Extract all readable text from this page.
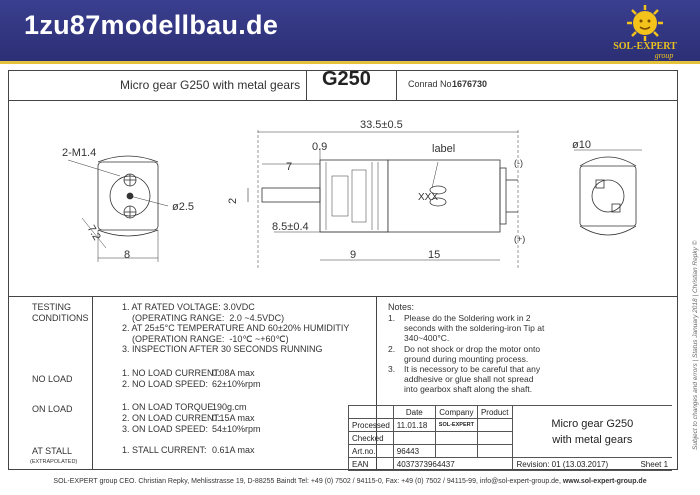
1zu87modellbau.de
SOL-EXPERT
group
Micro gear G250 with metal gears G250	Conrad No.
1676730
33.5±0.5
0.9
7
label
2
8.5±0.4
9	15
(-)
(+)
XXX
2-M1.4
ø2.5
8
7.2
ø10
TESTING
CONDITIONS
1. AT RATED VOLTAGE: 3.0VDC
(OPERATING RANGE:  2.0 ~4.5VDC)
2. AT 25±5°C TEMPERATURE AND 60±20% HUMIDITIY
(OPERATION RANGE:  -10℃ ~+60℃)
3. INSPECTION AFTER 30 SECONDS RUNNING
NO LOAD
1. NO LOAD CURRENT:0.08A max
2. NO LOAD SPEED: 62±10%rpm
ON LOAD	1. ON LOAD TORQUE:190g.cm
2. ON LOAD CURRENT:0.15A max
3. ON LOAD SPEED: 54±10%rpm
AT STALL
(EXTRAPOLATED)
1. STALL CURRENT: 0.61A max
Notes:
1.	Please do the Soldering work in 2
seconds with the soldering-iron Tip at
340~400°C.
2.	Do not shock or drop the motor onto
ground during mounting process.
3.	It is necessory to be careful that any
addhesive or glue shall not spread
into gearbox shaft along the shaft.
	Date	Company	Product	Micro gear G250
with metal gears

Processed	11.01.18	SOL-EXPERT		
Checked				
Art.no.	96443			
EAN	4037373964437			Revision: 01 (13.03.2017) Sheet 1
Subject to changes and errors | Status January 2018 | Christian Repky ©
SOL-EXPERT group CEO. Christian Repky, Mehlisstrasse 19, D-88255 Baindt Tel: +49 (0) 7502 / 94115-0, Fax: +49 (0) 7502 / 94115-99, info@sol-expert-group.de, www.sol-expert-group.de
